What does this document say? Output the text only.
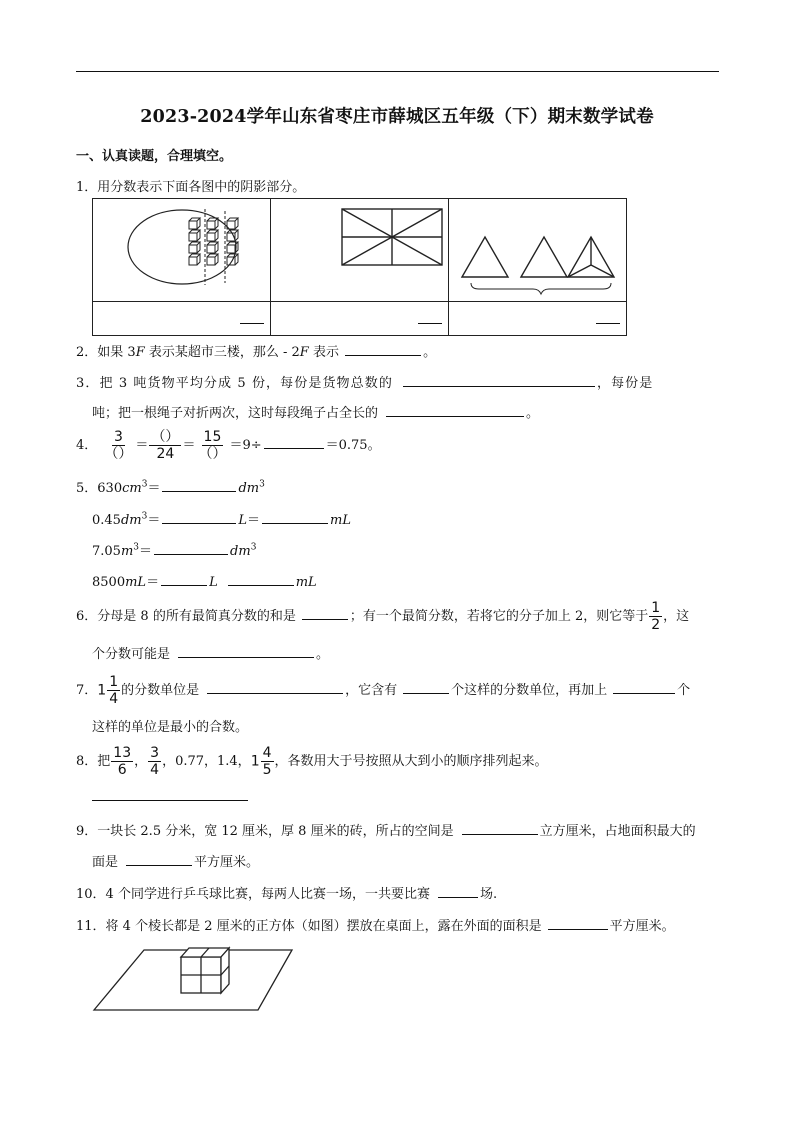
2023-2024学年山东省枣庄市薛城区五年级（下）期末数学试卷
一、认真读题，合理填空。
1．用分数表示下面各图中的阴影部分。

2．如果 3F 表示某超市三楼，那么 - 2F 表示	。
3．把 3 吨货物平均分成 5 份，每份是货物总数的	，每份是
吨；把一根绳子对折两次，这时每段绳子占全长的	。
4． $\frac{3}{()} = \frac{()}{24} = \frac{15}{()} =9\div$	＝0.75。
5．$630cm^3=$	$dm^3$
$0.45dm^3=$	L＝	mL
$7.05m^3=$	$dm^3$
8500mL＝	L	mL
6．分母是 8 的所有最简真分数的和是	；有一个最简分数，若将它的分子加上 2，则它等于 $\frac{1}{2}$ ，这
个分数可能是	。
7．$1 \frac{1}{4}$ 的分数单位是	，它含有	个这样的分数单位，再加上	个
这样的单位是最小的合数。
8．把 $\frac{13}{6}$ ， $\frac{3}{4}$ ，0.77，1.4，$1 \frac{4}{5}$ ，各数用大于号按照从大到小的顺序排列起来。
9．一块长 2.5 分米，宽 12 厘米，厚 8 厘米的砖，所占的空间是	立方厘米，占地面积最大的
面是	平方厘米。
10．4 个同学进行乒乓球比赛，每两人比赛一场，一共要比赛	场.
11．将 4 个棱长都是 2 厘米的正方体（如图）摆放在桌面上，露在外面的面积是	平方厘米。
